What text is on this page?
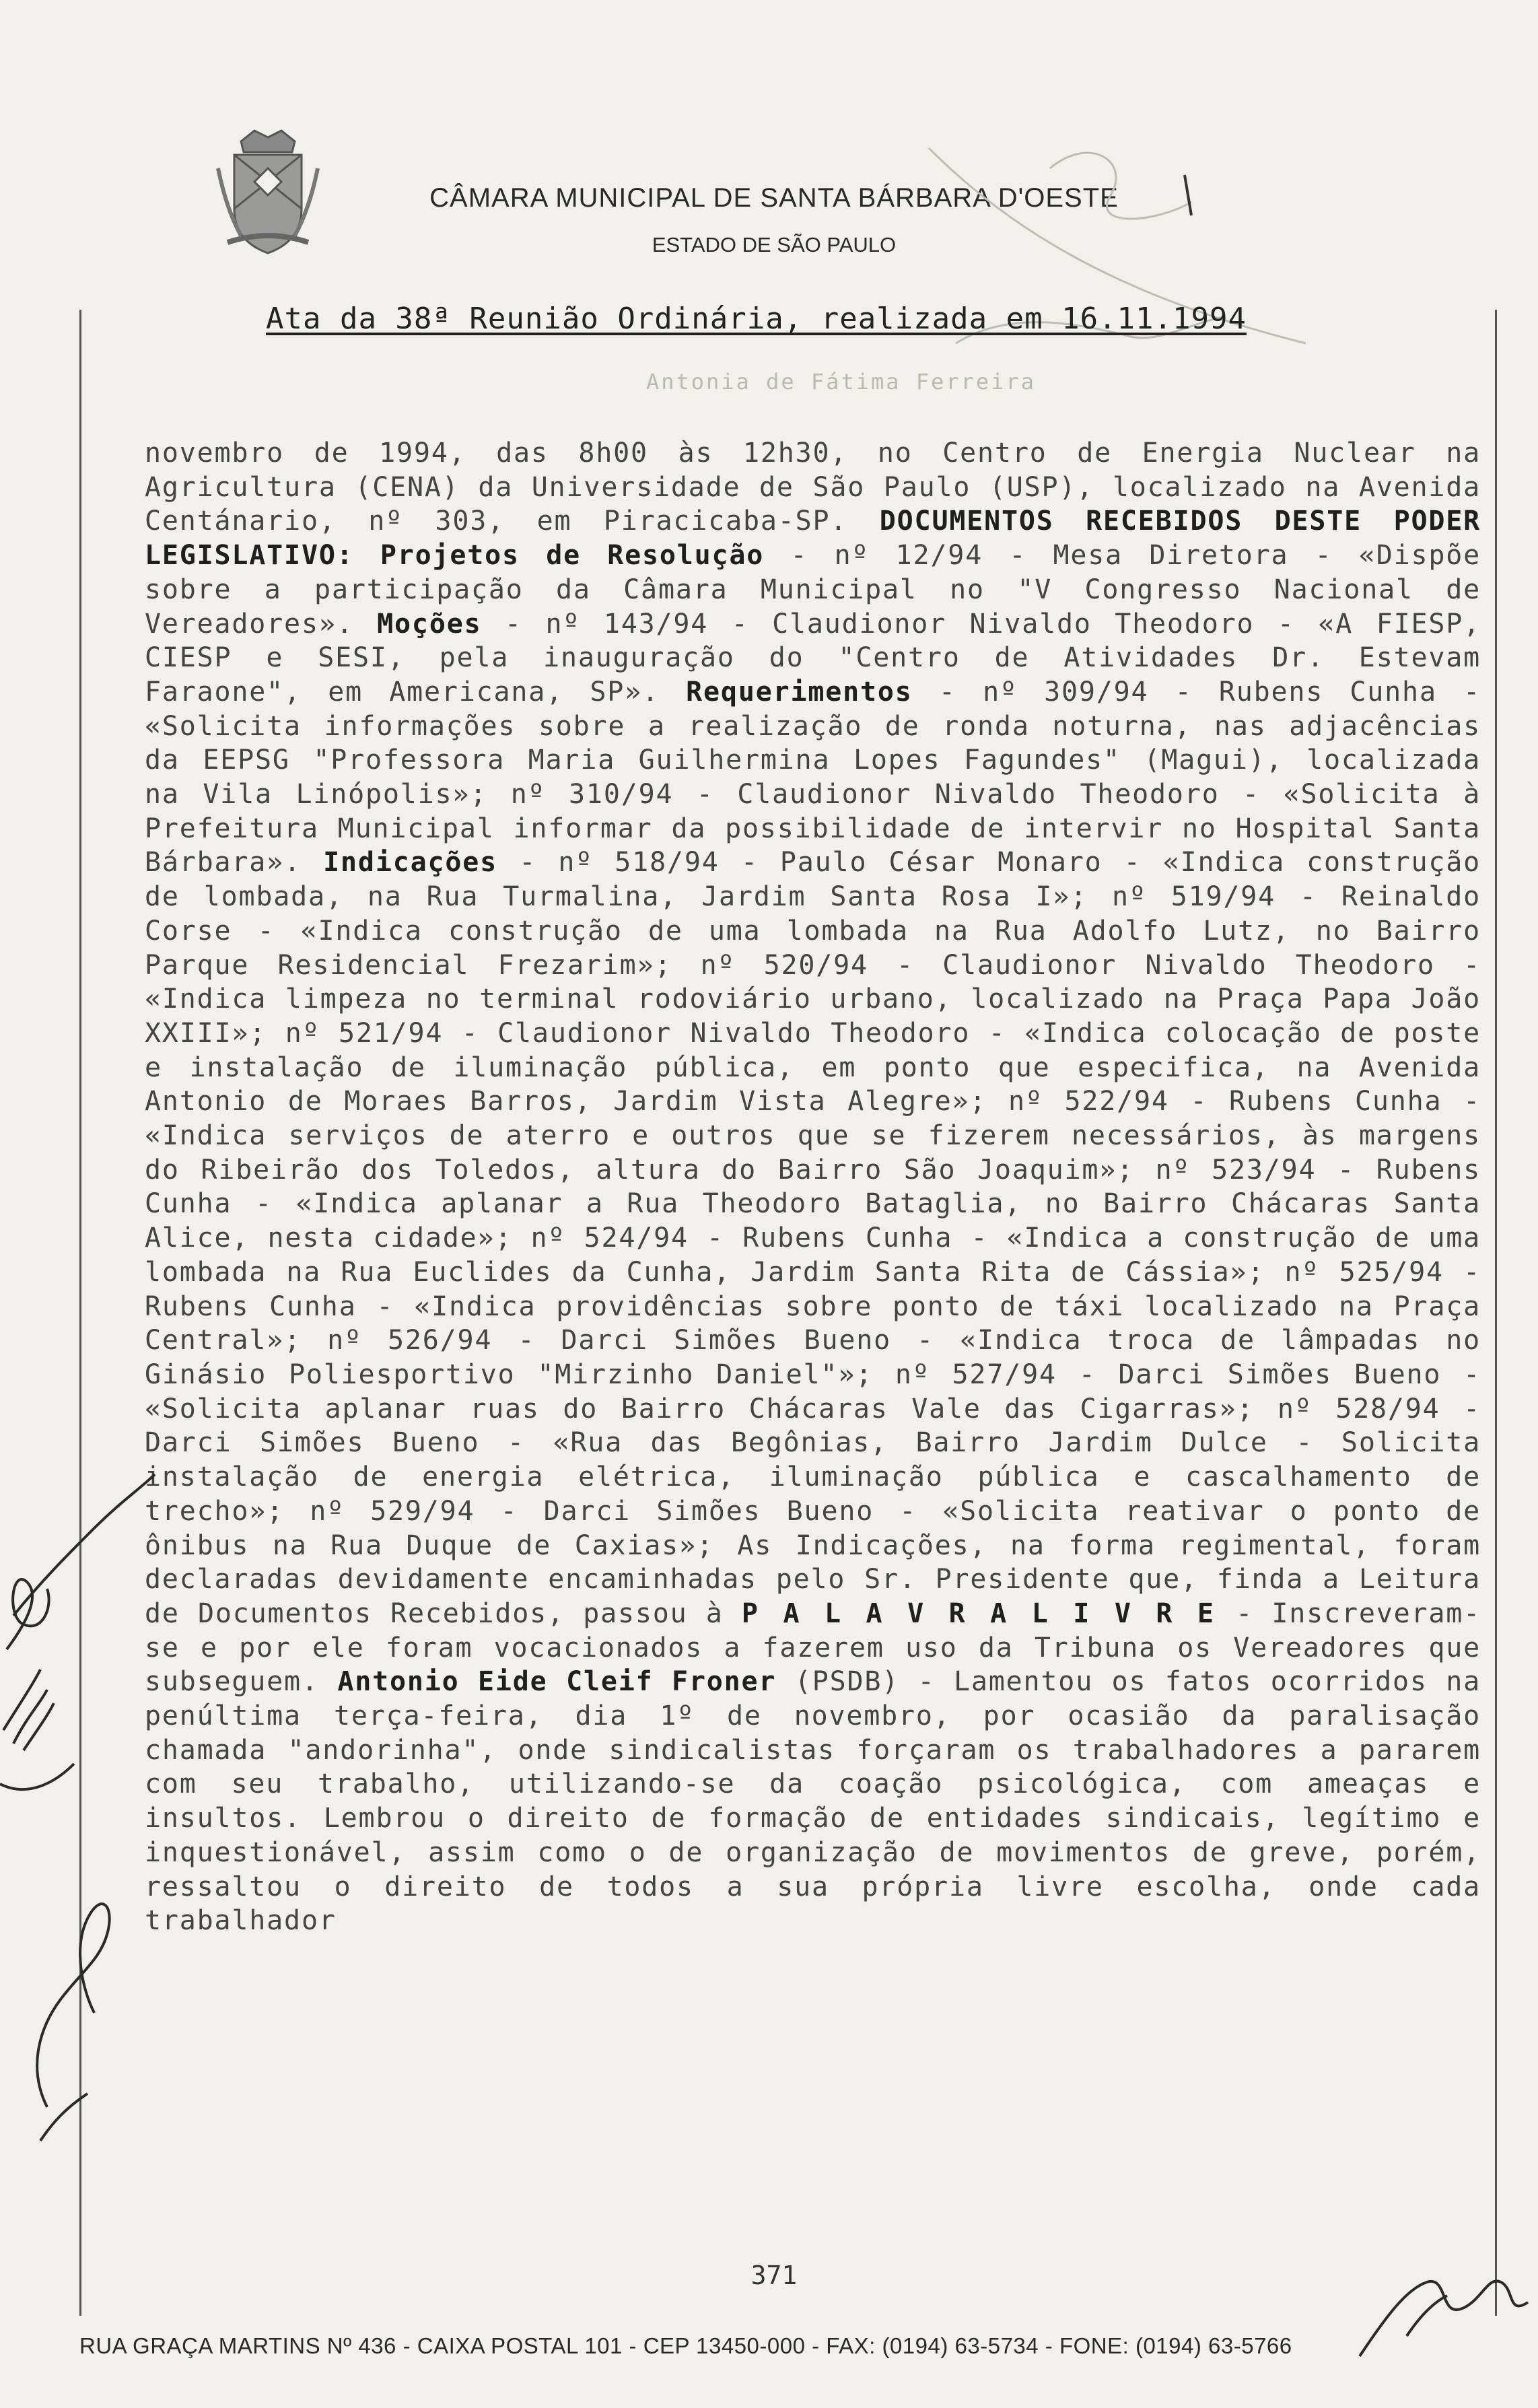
CÂMARA MUNICIPAL DE SANTA BÁRBARA D'OESTE
ESTADO DE SÃO PAULO
Ata da 38ª Reunião Ordinária, realizada em 16.11.1994
Antonia de Fátima Ferreira
novembro de 1994, das 8h00 às 12h30, no Centro de Energia Nuclear na Agricultura (CENA) da Universidade de São Paulo (USP), localizado na Avenida Centánario, nº 303, em Piracicaba-SP. DOCUMENTOS RECEBIDOS DESTE PODER LEGISLATIVO: Projetos de Resolução - nº 12/94 - Mesa Diretora - «Dispõe sobre a participação da Câmara Municipal no "V Congresso Nacional de Vereadores». Moções - nº 143/94 - Claudionor Nivaldo Theodoro - «A FIESP, CIESP e SESI, pela inauguração do "Centro de Atividades Dr. Estevam Faraone", em Americana, SP». Requerimentos - nº 309/94 - Rubens Cunha - «Solicita informações sobre a realização de ronda noturna, nas adjacências da EEPSG "Professora Maria Guilhermina Lopes Fagundes" (Magui), localizada na Vila Linópolis»; nº 310/94 - Claudionor Nivaldo Theodoro - «Solicita à Prefeitura Municipal informar da possibilidade de intervir no Hospital Santa Bárbara». Indicações - nº 518/94 - Paulo César Monaro - «Indica construção de lombada, na Rua Turmalina, Jardim Santa Rosa I»; nº 519/94 - Reinaldo Corse - «Indica construção de uma lombada na Rua Adolfo Lutz, no Bairro Parque Residencial Frezarim»; nº 520/94 - Claudionor Nivaldo Theodoro - «Indica limpeza no terminal rodoviário urbano, localizado na Praça Papa João XXIII»; nº 521/94 - Claudionor Nivaldo Theodoro - «Indica colocação de poste e instalação de iluminação pública, em ponto que especifica, na Avenida Antonio de Moraes Barros, Jardim Vista Alegre»; nº 522/94 - Rubens Cunha - «Indica serviços de aterro e outros que se fizerem necessários, às margens do Ribeirão dos Toledos, altura do Bairro São Joaquim»; nº 523/94 - Rubens Cunha - «Indica aplanar a Rua Theodoro Bataglia, no Bairro Chácaras Santa Alice, nesta cidade»; nº 524/94 - Rubens Cunha - «Indica a construção de uma lombada na Rua Euclides da Cunha, Jardim Santa Rita de Cássia»; nº 525/94 - Rubens Cunha - «Indica providências sobre ponto de táxi localizado na Praça Central»; nº 526/94 - Darci Simões Bueno - «Indica troca de lâmpadas no Ginásio Poliesportivo "Mirzinho Daniel"»; nº 527/94 - Darci Simões Bueno - «Solicita aplanar ruas do Bairro Chácaras Vale das Cigarras»; nº 528/94 - Darci Simões Bueno - «Rua das Begônias, Bairro Jardim Dulce - Solicita instalação de energia elétrica, iluminação pública e cascalhamento de trecho»; nº 529/94 - Darci Simões Bueno - «Solicita reativar o ponto de ônibus na Rua Duque de Caxias»; As Indicações, na forma regimental, foram declaradas devidamente encaminhadas pelo Sr. Presidente que, finda a Leitura de Documentos Recebidos, passou à P A L A V R A L I V R E - Inscreveram-se e por ele foram vocacionados a fazerem uso da Tribuna os Vereadores que subseguem. Antonio Eide Cleif Froner (PSDB) - Lamentou os fatos ocorridos na penúltima terça-feira, dia 1º de novembro, por ocasião da paralisação chamada "andorinha", onde sindicalistas forçaram os trabalhadores a pararem com seu trabalho, utilizando-se da coação psicológica, com ameaças e insultos. Lembrou o direito de formação de entidades sindicais, legítimo e inquestionável, assim como o de organização de movimentos de greve, porém, ressaltou o direito de todos a sua própria livre escolha, onde cada trabalhador
371
RUA GRAÇA MARTINS Nº 436 - CAIXA POSTAL 101 - CEP 13450-000 - FAX: (0194) 63-5734 - FONE: (0194) 63-5766
